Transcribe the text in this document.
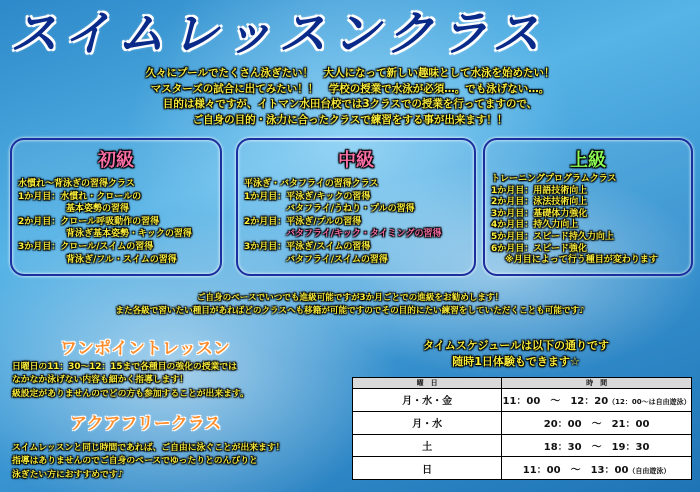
スイムレッスンクラス
久々にプールでたくさん泳ぎたい！　大人になって新しい趣味として水泳を始めたい！
マスターズの試合に出てみたい！！　学校の授業で水泳が必須…。でも泳げない…。
目的は様々ですが、イトマン水田台校では3クラスでの授業を行ってますので、
ご自身の目的・泳力に合ったクラスで練習をする事が出来ます！！
初級
水慣れ～背泳ぎの習得クラス
1か月目：水慣れ・クロールの
基本姿勢の習得
2か月目：クロール呼吸動作の習得
背泳ぎ基本姿勢・キックの習得
3か月目：クロール/スイムの習得
背泳ぎ/フル・スイムの習得
中級
平泳ぎ・バタフライの習得クラス
1か月目：平泳ぎ/キックの習得
バタフライ/うねり・プルの習得
2か月目：平泳ぎ/プルの習得
バタフライ/キック・タイミングの習得
3か月目：平泳ぎ/スイムの習得
バタフライ/スイムの習得
上級
トレーニングプログラムクラス
1か月目：用語技術向上
2か月目：泳法技術向上
3か月目：基礎体力強化
4か月目：持久力向上
5か月目：スピード持久力向上
6か月目：スピード強化
※月目によって行う種目が変わります
ご自身のペースでいつでも進級可能ですが3か月ごとでの進級をお勧めします！
また各級で習いたい種目があればどのクラスへも移籍が可能ですのでその目的にたい練習をしていただくことも可能です♪
ワンポイントレッスン
日曜日の11：30～12：15まで各種目の強化の授業では
なかなか泳げない内容も細かく指導します！
級設定がありませんのでどの方も参加することが出来ます。
アクアフリークラス
スイムレッスンと同じ時間であれば、ご自由に泳ぐことが出来ます！
指導はありませんのでご自身のペースでゆったりとのんびりと
泳ぎたい方におすすめです♪
タイムスケジュールは以下の通りです
随時1日体験もできます☆
曜　日	時　間
月・水・金	11：00　～　12：20（12：00～は自由遊泳）
月・水	20：00　～　21：00
土	18：30　～　19：30
日	11：00　～　13：00（自由遊泳）
